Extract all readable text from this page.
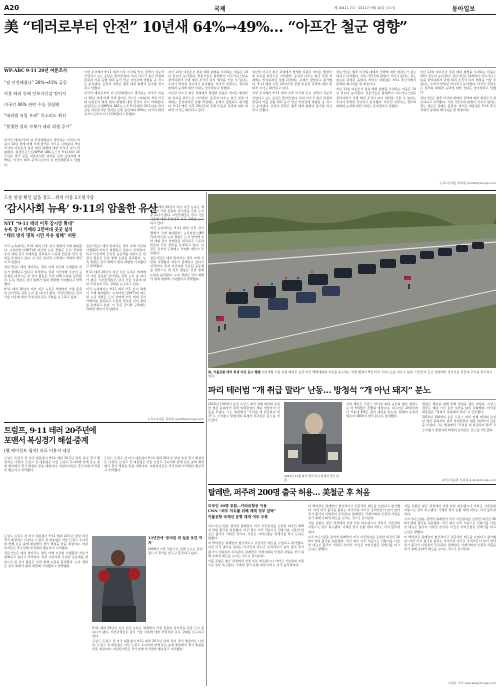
A20	국제	제 16411 7호 · 2021년 9월 10일 금요일	동아일보
美 “테러로부터 안전” 10년새 64%→49%… “아프간 철군 영향”
WP-ABC 9·11 20년 여론조사
“잠 안전해졌다” 28%→41% 급증
카불 테러 등에 안보자신감 떨어져
미국인 46% 관련 수를 경험해
“테러범 유입 우려” 목소리도 확산
“불행한 결과 자체가 테러 위협 증가”

미국인 테러로부터 더 안전해졌다고 생각하는 미국인 비율이 10년 전에 비해 크게 줄어든 것으로 나타났다. 9일 미국의 여론조사 결과 테러 위협에 대한 인식이 다시 악화됐다. 워싱턴포스트(WP)와 ABC뉴스가 9·11테러 20주년을 맞아 공동 여론조사한 결과를 보면 응답자의 49%는 미국이 테러 공격으로부터 더 안전해졌다고 답했다.

이번 조사에서 9·11 테러 이후 미국의 안보 정책이 성공적이었다고 보는 응답은 줄어들었다. 특히 아프간 철군 과정의 혼란과 카불 공항 테러 등이 안보 자신감에 영향을 준 것으로 분석됐다. 응답자 과반은 향후 테러 위협이 증가할 것이라고 답했다.

미국인 테러로부터 더 안전해졌다고 생각하는 미국인 비율이 10년 전에 비해 크게 줄어든 것으로 나타났다. 9일 미국의 여론조사 결과 테러 위협에 대한 인식이 다시 악화됐다. 워싱턴포스트(WP)와 ABC뉴스가 9·11테러 20주년을 맞아 공동 여론조사한 결과를 보면 응답자의 49%는 미국이 테러 공격으로부터 더 안전해졌다고 답했다.

지난 11일 여론조사 결과 테러 위협을 우려하는 비율은 10년 전보다 높아졌다. 전문가들은 탈레반이 아프가니스탄을 장악하면서 국제 테러 조직이 다시 세력을 키울 수 있다는 우려가 반영된 것이라고 분석했다. 미국인 상당수는 정부의 대테러 능력에 대한 신뢰도 낮아졌다고 답했다.

지난달 아프간 철군 과정에서 발생한 혼란은 바이든 행정부의 지지율 하락으로 이어졌다. 응답자 다수는 철군 결정 자체에는 찬성하지만 실행 과정에는 문제가 있었다고 평가했다. 9·11 테러 이후 20년간의 전쟁 비용과 성과에 대한 회의적 시각도 확산되고 있다.

지난달 아프간 철군 과정에서 발생한 혼란은 바이든 행정부의 지지율 하락으로 이어졌다. 응답자 다수는 철군 결정 자체에는 찬성하지만 실행 과정에는 문제가 있었다고 평가했다. 9·11 테러 이후 20년간의 전쟁 비용과 성과에 대한 회의적 시각도 확산되고 있다.

이번 조사에서 9·11 테러 이후 미국의 안보 정책이 성공적이었다고 보는 응답은 줄어들었다. 특히 아프간 철군 과정의 혼란과 카불 공항 테러 등이 안보 자신감에 영향을 준 것으로 분석됐다. 응답자 과반은 향후 테러 위협이 증가할 것이라고 답했다.

전문가들은 향후 미국의 대테러 전략에 대한 재검토가 필요하다고 지적했다. 국내 극단주의 위협이 커지고 있다는 점도 새로운 과제로 꼽힌다. 바이든 대통령은 9·11 추모식에서 통합의 메시지를 낼 예정이다.

지난 11일 여론조사 결과 테러 위협을 우려하는 비율은 10년 전보다 높아졌다. 전문가들은 탈레반이 아프가니스탄을 장악하면서 국제 테러 조직이 다시 세력을 키울 수 있다는 우려가 반영된 것이라고 분석했다. 미국인 상당수는 정부의 대테러 능력에 대한 신뢰도 낮아졌다고 답했다.

지난 11일 여론조사 결과 테러 위협을 우려하는 비율은 10년 전보다 높아졌다. 전문가들은 탈레반이 아프가니스탄을 장악하면서 국제 테러 조직이 다시 세력을 키울 수 있다는 우려가 반영된 것이라고 분석했다. 미국인 상당수는 정부의 대테러 능력에 대한 신뢰도 낮아졌다고 답했다.

전문가들은 향후 미국의 대테러 전략에 대한 재검토가 필요하다고 지적했다. 국내 극단주의 위협이 커지고 있다는 점도 새로운 과제로 꼽힌다. 바이든 대통령은 9·11 추모식에서 통합의 메시지를 낼 예정이다.

뉴욕=유재동 특파원 jarrett@donga.com
드론 영상 확인 없을 정도…위대 비용 1조원가량
‘감시사회 뉴욕’ 9·11의 암울한 유산
NYT “9·11 테러 이후 감시망 확대”
뉴욕 감시 카메라 2만여대 곳곳 설치
“테러 방지 명목 시민 자유 침해” 비판

미국 뉴욕에서는 9·11 테러 이후 감시 체계가 크게 확대됐다. 뉴욕타임스(NYT)에 따르면 뉴욕 경찰은 도시 전역에 수만 대의 감시 카메라를 설치하고 드론과 번호판 인식 장비를 운영하고 있다. 이 같은 감시망 구축에는 막대한 예산이 투입됐다.

전문가들은 테러 방지라는 명목 아래 시민의 사생활과 자유가 침해되고 있다고 지적한다. 특히 이민자와 무슬림 공동체를 대상으로 한 감시 활동은 인권 침해 논란을 불러왔다. 뉴욕 경찰은 감시 체계가 범죄 예방에 기여했다고 반박했다.

9·11 테러 20년이 지난 지금 뉴욕은 세계에서 가장 촘촘한 감시망을 갖춘 도시 중 하나가 됐다. 시민단체들은 감시 기술 사용에 대한 투명성과 감독 강화를 요구하고 있다.

전문가들은 테러 방지라는 명목 아래 시민의 사생활과 자유가 침해되고 있다고 지적한다. 특히 이민자와 무슬림 공동체를 대상으로 한 감시 활동은 인권 침해 논란을 불러왔다. 뉴욕 경찰은 감시 체계가 범죄 예방에 기여했다고 반박했다.

9·11 테러 20년이 지난 지금 뉴욕은 세계에서 가장 촘촘한 감시망을 갖춘 도시 중 하나가 됐다. 시민단체들은 감시 기술 사용에 대한 투명성과 감독 강화를 요구하고 있다.

미국 뉴욕에서는 9·11 테러 이후 감시 체계가 크게 확대됐다. 뉴욕타임스(NYT)에 따르면 뉴욕 경찰은 도시 전역에 수만 대의 감시 카메라를 설치하고 드론과 번호판 인식 장비를 운영하고 있다. 이 같은 감시망 구축에는 막대한 예산이 투입됐다.

9·11 테러 20년이 지난 지금 뉴욕은 세계에서 가장 촘촘한 감시망을 갖춘 도시 중 하나가 됐다. 시민단체들은 감시 기술 사용에 대한 투명성과 감독 강화를 요구하고 있다.

미국 뉴욕에서는 9·11 테러 이후 감시 체계가 크게 확대됐다. 뉴욕타임스(NYT)에 따르면 뉴욕 경찰은 도시 전역에 수만 대의 감시 카메라를 설치하고 드론과 번호판 인식 장비를 운영하고 있다. 이 같은 감시망 구축에는 막대한 예산이 투입됐다.

전문가들은 테러 방지라는 명목 아래 시민의 사생활과 자유가 침해되고 있다고 지적한다. 특히 이민자와 무슬림 공동체를 대상으로 한 감시 활동은 인권 침해 논란을 불러왔다. 뉴욕 경찰은 감시 체계가 범죄 예방에 기여했다고 반박했다.

뉴욕=유재동 특파원 jarrett@donga.com
美, 카불공항 테러 희생 미군 운구 행렬 지난 8월 카불 공항 테러로 숨진 미군 해병대원의 시신을 운구하는 차량 행렬이 9일 미국 고속도로를 지나고 있다. 시민들이 도로 양옆에서 성조기를 흔들며 고인을 추모하고 있다.
파리 테러범 “개 취급 말라” 난동… 방청석 “개 아닌 돼지” 분노

2015년 130명이 숨진 프랑스 파리 연쇄 테러의 유일한 생존 용의자인 살라 압데슬람이 재판 첫날부터 난동을 부렸다. 그는 법정에서 “우리를 개 취급하지 말라”고 소리쳤고 방청석의 희생자 유족들은 분노를 터뜨렸다.

이번 재판은 프랑스 역사상 최대 규모의 형사 재판으로 약 9개월간 진행될 예정이다. 피고인은 20명이며 이 가운데 6명은 궐석 재판을 받는다. 희생자 유족과 생존자 1800여 명이 원고로 참여했다.

법원은 재판을 위해 특별 법정을 새로 지었다. 프랑스 정부는 재판 기간 동안 보안을 대폭 강화했다. 마크롱 대통령은 “정의가 실현돼야 한다”고 강조했다.

2015년 130명이 숨진 프랑스 파리 연쇄 테러의 유일한 생존 용의자인 살라 압데슬람이 재판 첫날부터 난동을 부렸다. 그는 법정에서 “우리를 개 취급하지 말라”고 소리쳤고 방청석의 희생자 유족들은 분노를 터뜨렸다.

2015년 11월 파리 테러 당시 희생자 추모 현장.	파리=김윤종 특파원 zozo@donga.com
트럼프, 9·11 테러 20주년에
포맨서 복싱경기 해설·중계
(웹 에이전트 협약) 유료 이용자 대상

도널드 트럼프 전 미국 대통령이 9·11 테러 20주년 당일 복싱 경기 해설자로 나선다. 트럼프 전 대통령은 아들 트럼프 주니어와 함께 유료 중계 채널에서 경기 해설을 맡을 예정이다. 비판론자들은 추모일에 부적절한 행보라고 지적했다.

도널드 트럼프 전 미국 대통령이 9·11 테러 20주년 당일 복싱 경기 해설자로 나선다. 트럼프 전 대통령은 아들 트럼프 주니어와 함께 유료 중계 채널에서 경기 해설을 맡을 예정이다. 비판론자들은 추모일에 부적절한 행보라고 지적했다.

도널드 트럼프 전 미국 대통령이 9·11 테러 20주년 당일 복싱 경기 해설자로 나선다. 트럼프 전 대통령은 아들 트럼프 주니어와 함께 유료 중계 채널에서 경기 해설을 맡을 예정이다. 비판론자들은 추모일에 부적절한 행보라고 지적했다.

전문가들은 테러 방지라는 명목 아래 시민의 사생활과 자유가 침해되고 있다고 지적한다. 특히 이민자와 무슬림 공동체를 대상으로 한 감시 활동은 인권 침해 논란을 불러왔다. 뉴욕 경찰은 감시 체계가 범죄 예방에 기여했다고 반박했다.

13년만에 ‘준비된 쥐 일곱 웃던 여자’
2008년 이후 처음으로 링에 오르는 홀리필드가 경기를 앞두고 훈련하고 있다.

9·11 테러 20년이 지난 지금 뉴욕은 세계에서 가장 촘촘한 감시망을 갖춘 도시 중 하나가 됐다. 시민단체들은 감시 기술 사용에 대한 투명성과 감독 강화를 요구하고 있다.

도널드 트럼프 전 미국 대통령이 9·11 테러 20주년 당일 복싱 경기 해설자로 나선다. 트럼프 전 대통령은 아들 트럼프 주니어와 함께 유료 중계 채널에서 경기 해설을 맡을 예정이다. 비판론자들은 추모일에 부적절한 행보라고 지적했다.

탈레반, 퍼주려 200명 출국 허용… 美철군 후 처음
미국인 30명 포함…카타르항공 이용
CNN “외부 자유를 위해 제재 정부 압박”
카불공항 국제선 운항 재개 여부 주목

아프가니스탄을 장악한 탈레반이 미국 시민권자를 포함한 외국인 200여 명의 출국을 허용했다. 미군 철수 이후 처음으로 민항기를 이용한 대규모 출국이 이뤄진 것이다. 이들은 카타르항공 전세기를 타고 도하로 향했다.

미 백악관은 탈레반이 협조적이고 전문적인 태도를 보였다고 평가했다. 다만 아직 출국을 원하는 미국인과 아프간 조력자들이 남아 있어 추가 출국이 이뤄질지 주목된다. 탈레반은 국제사회의 인정과 지원을 얻기 위해 유화적 태도를 보이는 것으로 분석된다.

카불 공항은 철군 과정에서 상당 부분 파손됐으나 카타르 기술팀의 지원으로 일부 복구됐다. 국제선 정기 운항 재개 여부는 아직 불투명하다.

미 백악관은 탈레반이 협조적이고 전문적인 태도를 보였다고 평가했다. 다만 아직 출국을 원하는 미국인과 아프간 조력자들이 남아 있어 추가 출국이 이뤄질지 주목된다. 탈레반은 국제사회의 인정과 지원을 얻기 위해 유화적 태도를 보이는 것으로 분석된다.

카불 공항은 철군 과정에서 상당 부분 파손됐으나 카타르 기술팀의 지원으로 일부 복구됐다. 국제선 정기 운항 재개 여부는 아직 불투명하다.

아프가니스탄을 장악한 탈레반이 미국 시민권자를 포함한 외국인 200여 명의 출국을 허용했다. 미군 철수 이후 처음으로 민항기를 이용한 대규모 출국이 이뤄진 것이다. 이들은 카타르항공 전세기를 타고 도하로 향했다.

카불 공항은 철군 과정에서 상당 부분 파손됐으나 카타르 기술팀의 지원으로 일부 복구됐다. 국제선 정기 운항 재개 여부는 아직 불투명하다.

아프가니스탄을 장악한 탈레반이 미국 시민권자를 포함한 외국인 200여 명의 출국을 허용했다. 미군 철수 이후 처음으로 민항기를 이용한 대규모 출국이 이뤄진 것이다. 이들은 카타르항공 전세기를 타고 도하로 향했다.

미 백악관은 탈레반이 협조적이고 전문적인 태도를 보였다고 평가했다. 다만 아직 출국을 원하는 미국인과 아프간 조력자들이 남아 있어 추가 출국이 이뤄질지 주목된다. 탈레반은 국제사회의 인정과 지원을 얻기 위해 유화적 태도를 보이는 것으로 분석된다.

이청아 기자 clearlee@donga.com
